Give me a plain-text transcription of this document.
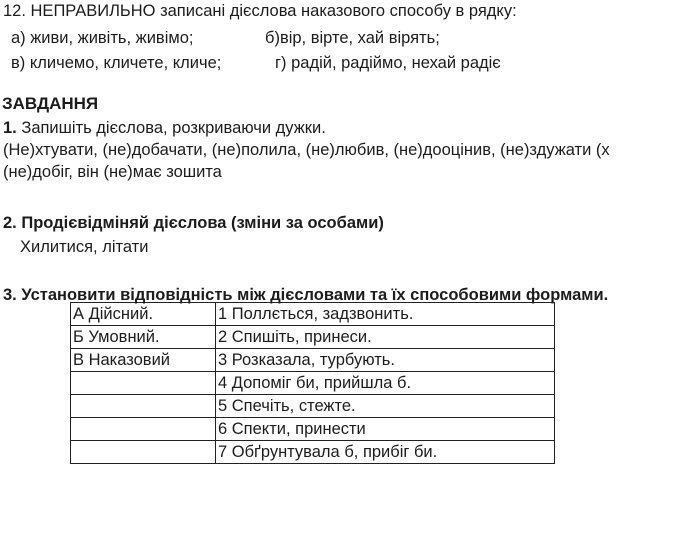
12. НЕПРАВИЛЬНО записані дієслова наказового способу в рядку:
а) живи, живіть, живімо;	б)вір, вірте, хай вірять;
в) кличемо, кличете, кличе;	г) радій, радіймо, нехай радіє
ЗАВДАННЯ
1. Запишіть дієслова, розкриваючи дужки.
(Не)хтувати, (не)добачати, (не)полила, (не)любив, (не)дооцінив, (не)здужати (х
(не)добіг, він (не)має зошита
2. Продієвідміняй дієслова (зміни за особами)
Хилитися, літати
3. Установити відповідність між дієсловами та їх способовими формами.
А Дійсний.	1 Поллється, задзвонить.
Б Умовний.	2 Спишіть, принеси.
В Наказовий	3 Розказала, турбують.
	4 Допоміг би, прийшла б.
	5 Спечіть, стежте.
	6 Спекти, принести
	7 Обґрунтувала б, прибіг би.
